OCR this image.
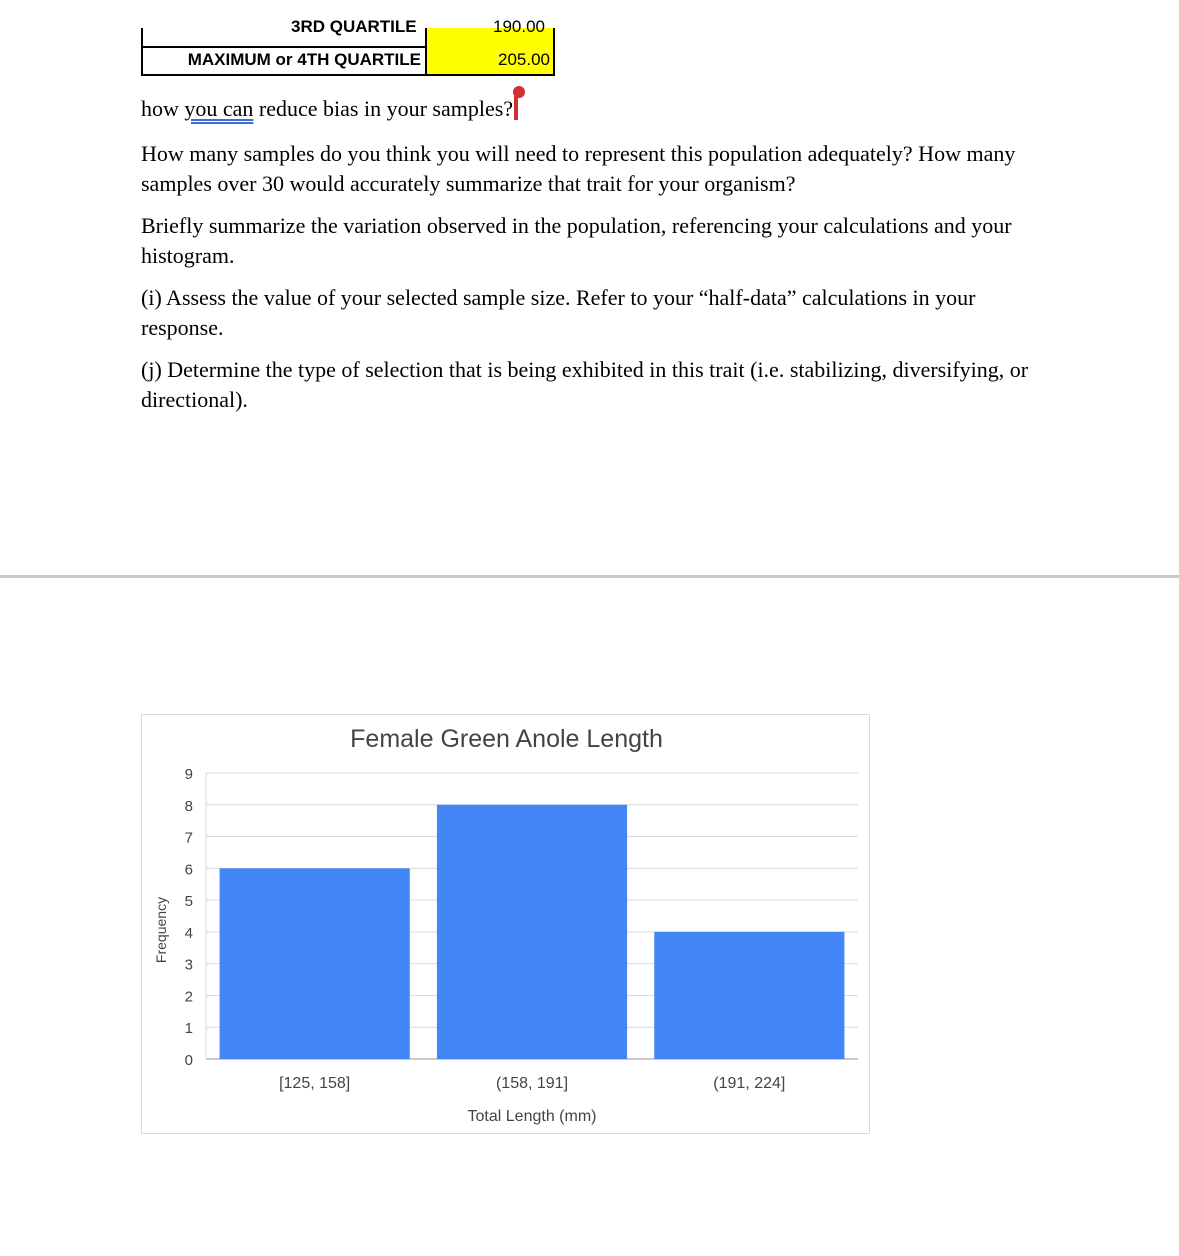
3RD QUARTILE	190.00
MAXIMUM or 4TH QUARTILE	205.00

how you can reduce bias in your samples?

How many samples do you think you will need to represent this population adequately? How many samples over 30 would accurately summarize that trait for your organism?

Briefly summarize the variation observed in the population, referencing your calculations and your histogram.

(i) Assess the value of your selected sample size. Refer to your “half-data” calculations in your response.

(j) Determine the type of selection that is being exhibited in this trait (i.e. stabilizing, diversifying, or directional).

Female Green Anole Length
0
1
2
3
4
5
6
7
8
9
[125, 158]	(158, 191]	(191, 224]
Total Length (mm)
Frequency
